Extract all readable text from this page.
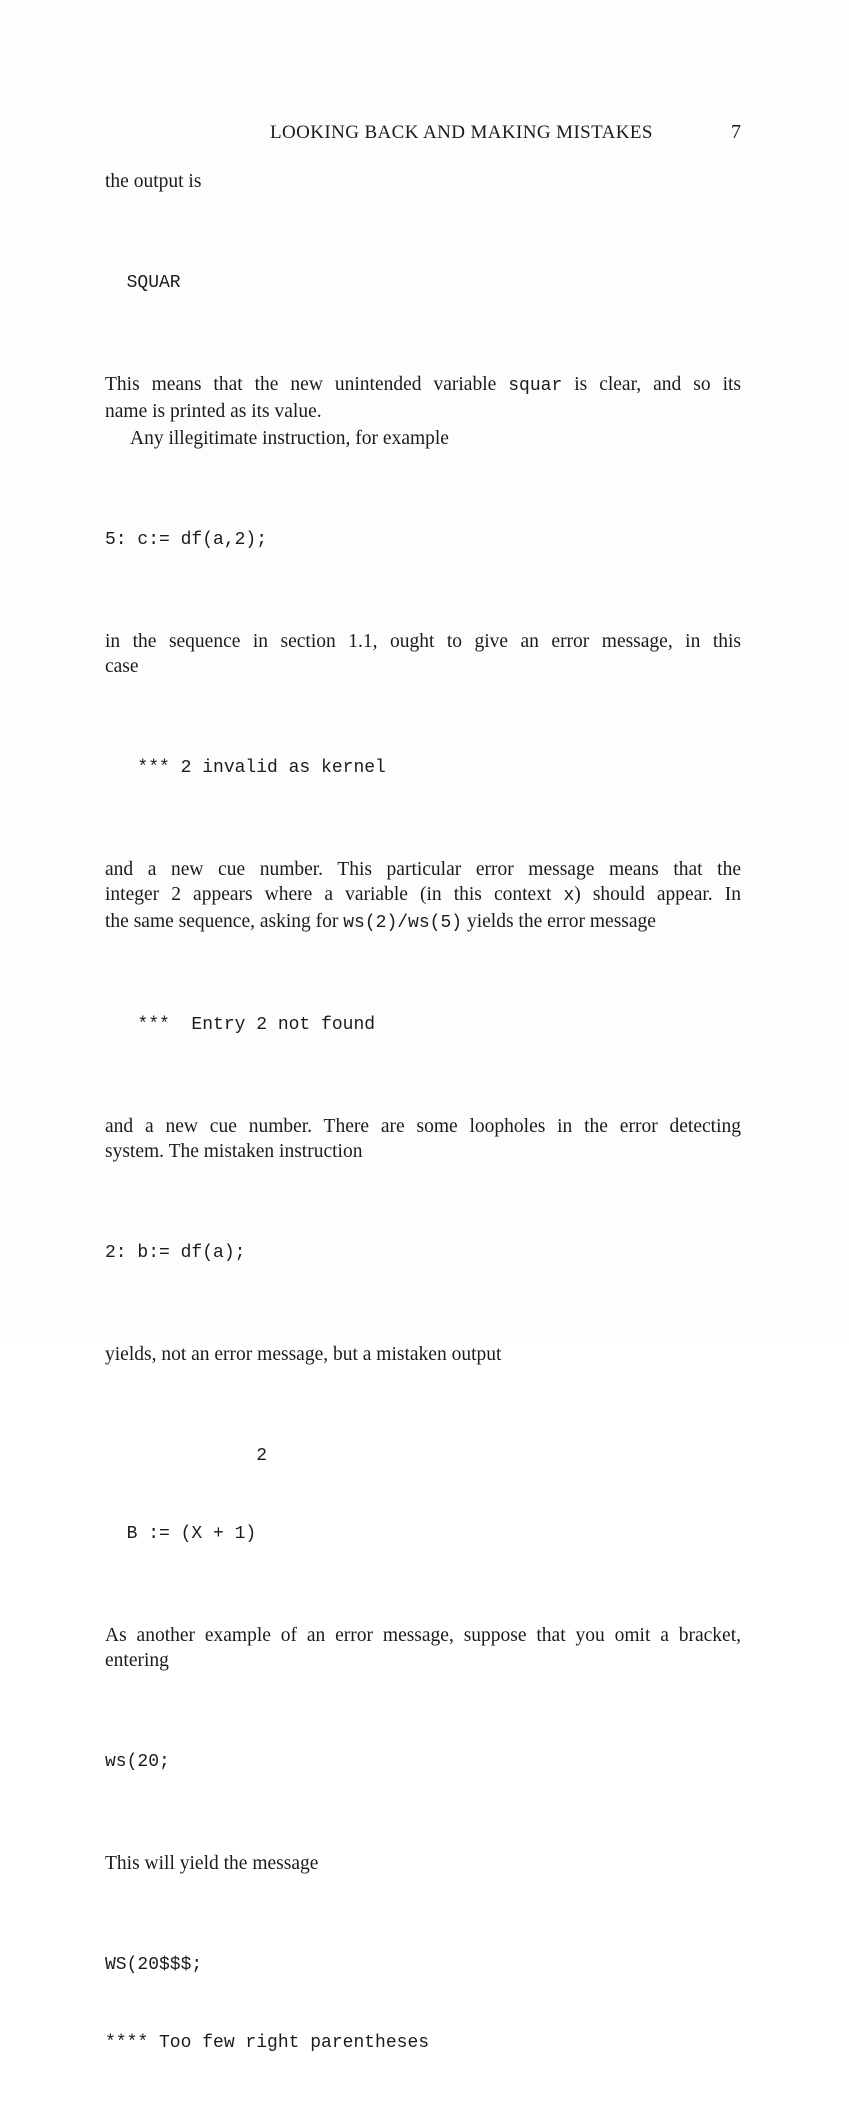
LOOKING BACK AND MAKING MISTAKES	7

the output is

SQUAR

This means that the new unintended variable squar is clear, and so its
name is printed as its value.

Any illegitimate instruction, for example

5: c:= df(a,2);

in the sequence in section 1.1, ought to give an error message, in this
case

*** 2 invalid as kernel

and a new cue number. This particular error message means that the
integer 2 appears where a variable (in this context x) should appear. In
the same sequence, asking for ws(2)/ws(5) yields the error message

***  Entry 2 not found

and a new cue number. There are some loopholes in the error detecting
system. The mistaken instruction

2: b:= df(a);

yields, not an error message, but a mistaken output

2

B := (X + 1)

As another example of an error message, suppose that you omit a bracket,
entering

ws(20;

This will yield the message

WS(20$$$;

**** Too few right parentheses
